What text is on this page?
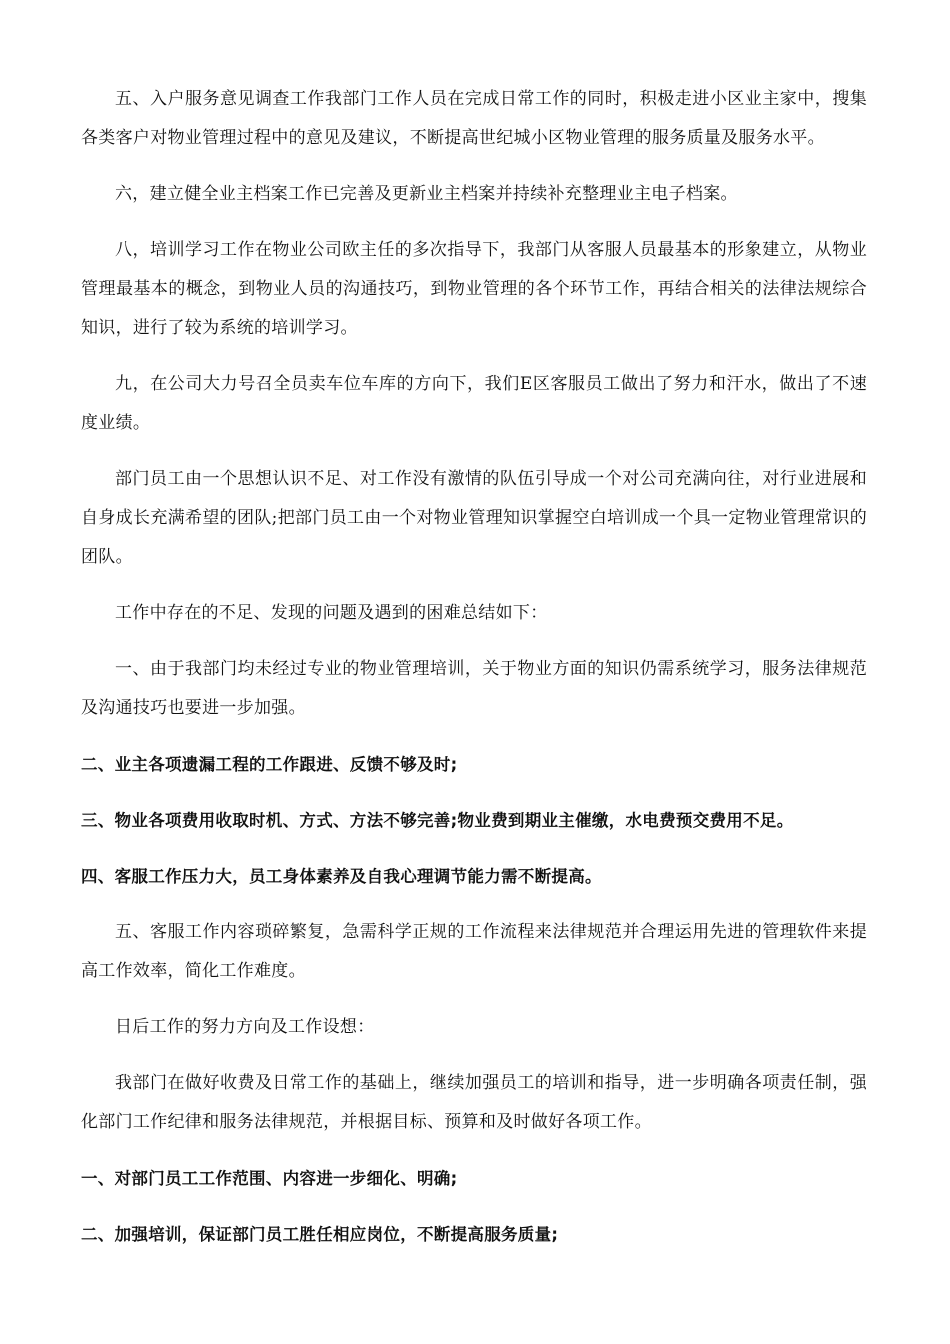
五、入户服务意见调查工作我部门工作人员在完成日常工作的同时，积极走进小区业主家中，搜集各类客户对物业管理过程中的意见及建议，不断提高世纪城小区物业管理的服务质量及服务水平。

六，建立健全业主档案工作已完善及更新业主档案并持续补充整理业主电子档案。

八，培训学习工作在物业公司欧主任的多次指导下，我部门从客服人员最基本的形象建立，从物业管理最基本的概念，到物业人员的沟通技巧，到物业管理的各个环节工作，再结合相关的法律法规综合知识，进行了较为系统的培训学习。

九，在公司大力号召全员卖车位车库的方向下，我们E区客服员工做出了努力和汗水，做出了不速度业绩。

部门员工由一个思想认识不足、对工作没有激情的队伍引导成一个对公司充满向往，对行业进展和自身成长充满希望的团队;把部门员工由一个对物业管理知识掌握空白培训成一个具一定物业管理常识的团队。

工作中存在的不足、发现的问题及遇到的困难总结如下：

一、由于我部门均未经过专业的物业管理培训，关于物业方面的知识仍需系统学习，服务法律规范及沟通技巧也要进一步加强。

二、业主各项遗漏工程的工作跟进、反馈不够及时;

三、物业各项费用收取时机、方式、方法不够完善;物业费到期业主催缴，水电费预交费用不足。

四、客服工作压力大，员工身体素养及自我心理调节能力需不断提高。

五、客服工作内容琐碎繁复，急需科学正规的工作流程来法律规范并合理运用先进的管理软件来提高工作效率，简化工作难度。

日后工作的努力方向及工作设想：

我部门在做好收费及日常工作的基础上，继续加强员工的培训和指导，进一步明确各项责任制，强化部门工作纪律和服务法律规范，并根据目标、预算和及时做好各项工作。

一、对部门员工工作范围、内容进一步细化、明确;

二、加强培训，保证部门员工胜任相应岗位，不断提高服务质量;
